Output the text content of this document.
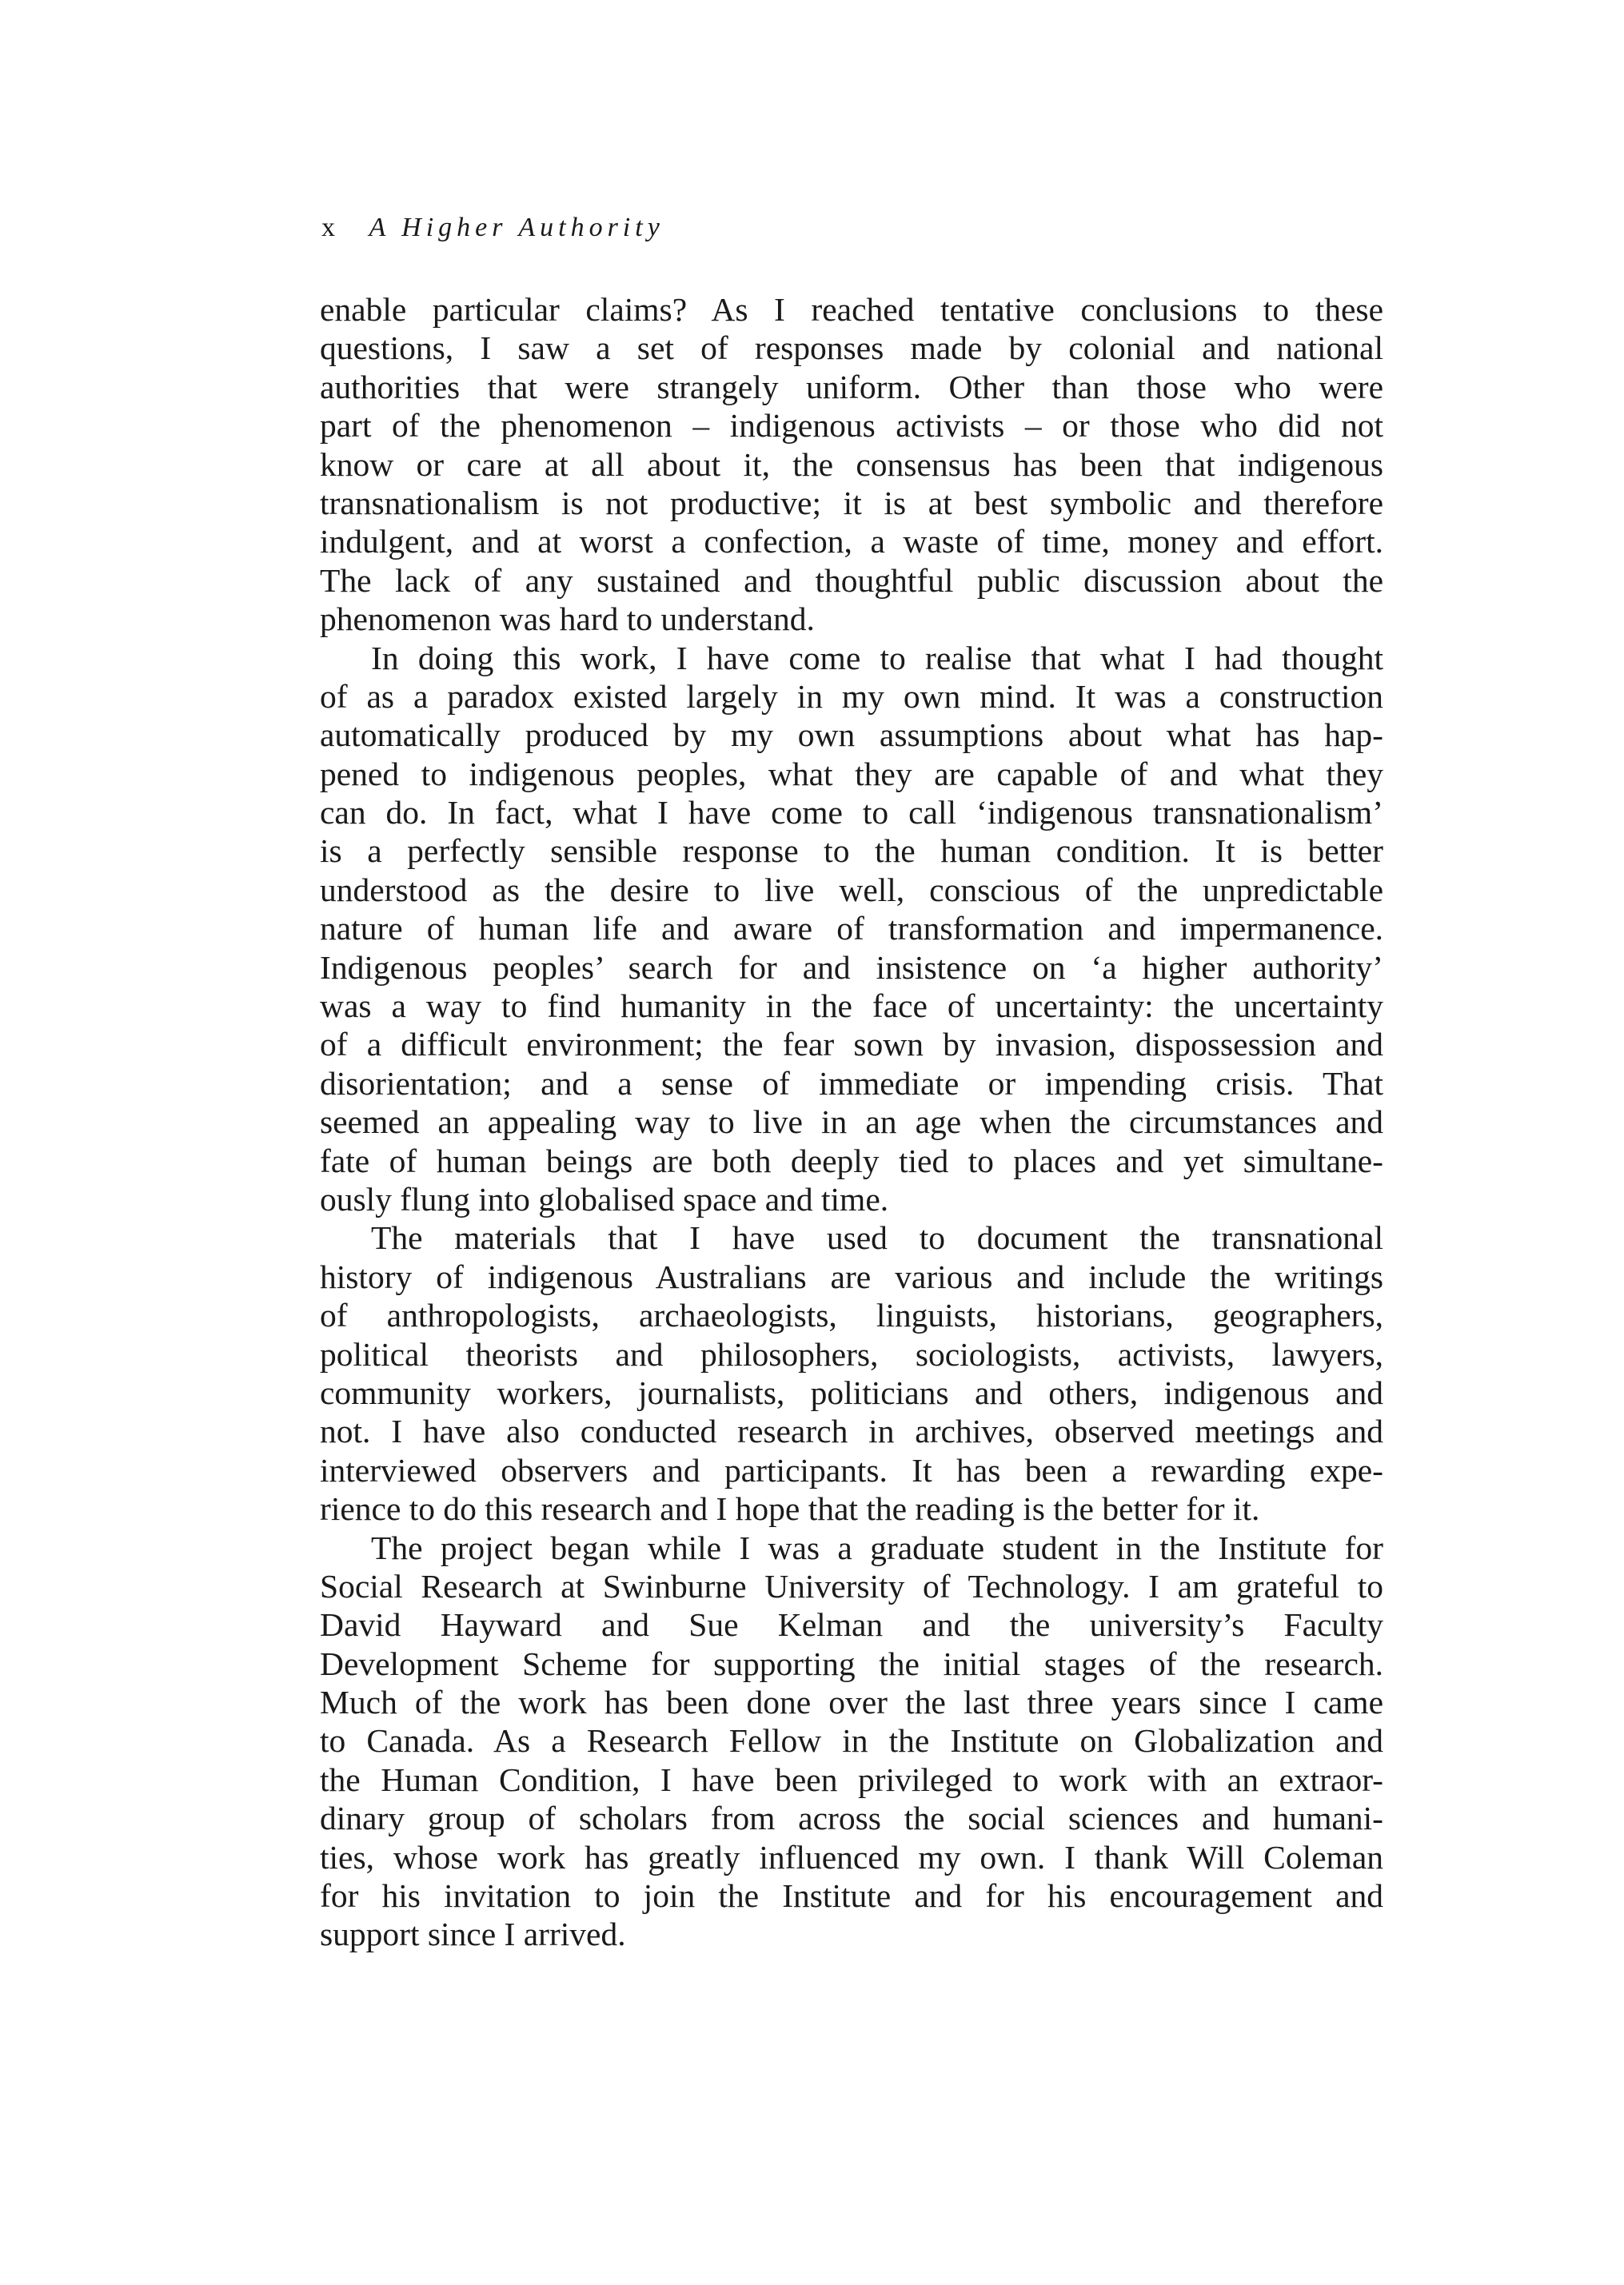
x A Higher Authority
enable particular claims? As I reached tentative conclusions to these
questions, I saw a set of responses made by colonial and national
authorities that were strangely uniform. Other than those who were
part of the phenomenon – indigenous activists – or those who did not
know or care at all about it, the consensus has been that indigenous
transnationalism is not productive; it is at best symbolic and therefore
indulgent, and at worst a confection, a waste of time, money and effort.
The lack of any sustained and thoughtful public discussion about the
phenomenon was hard to understand.
In doing this work, I have come to realise that what I had thought
of as a paradox existed largely in my own mind. It was a construction
automatically produced by my own assumptions about what has hap-
pened to indigenous peoples, what they are capable of and what they
can do. In fact, what I have come to call ‘indigenous transnationalism’
is a perfectly sensible response to the human condition. It is better
understood as the desire to live well, conscious of the unpredictable
nature of human life and aware of transformation and impermanence.
Indigenous peoples’ search for and insistence on ‘a higher authority’
was a way to find humanity in the face of uncertainty: the uncertainty
of a difficult environment; the fear sown by invasion, dispossession and
disorientation; and a sense of immediate or impending crisis. That
seemed an appealing way to live in an age when the circumstances and
fate of human beings are both deeply tied to places and yet simultane-
ously flung into globalised space and time.
The materials that I have used to document the transnational
history of indigenous Australians are various and include the writings
of anthropologists, archaeologists, linguists, historians, geographers,
political theorists and philosophers, sociologists, activists, lawyers,
community workers, journalists, politicians and others, indigenous and
not. I have also conducted research in archives, observed meetings and
interviewed observers and participants. It has been a rewarding expe-
rience to do this research and I hope that the reading is the better for it.
The project began while I was a graduate student in the Institute for
Social Research at Swinburne University of Technology. I am grateful to
David Hayward and Sue Kelman and the university’s Faculty
Development Scheme for supporting the initial stages of the research.
Much of the work has been done over the last three years since I came
to Canada. As a Research Fellow in the Institute on Globalization and
the Human Condition, I have been privileged to work with an extraor-
dinary group of scholars from across the social sciences and humani-
ties, whose work has greatly influenced my own. I thank Will Coleman
for his invitation to join the Institute and for his encouragement and
support since I arrived.
